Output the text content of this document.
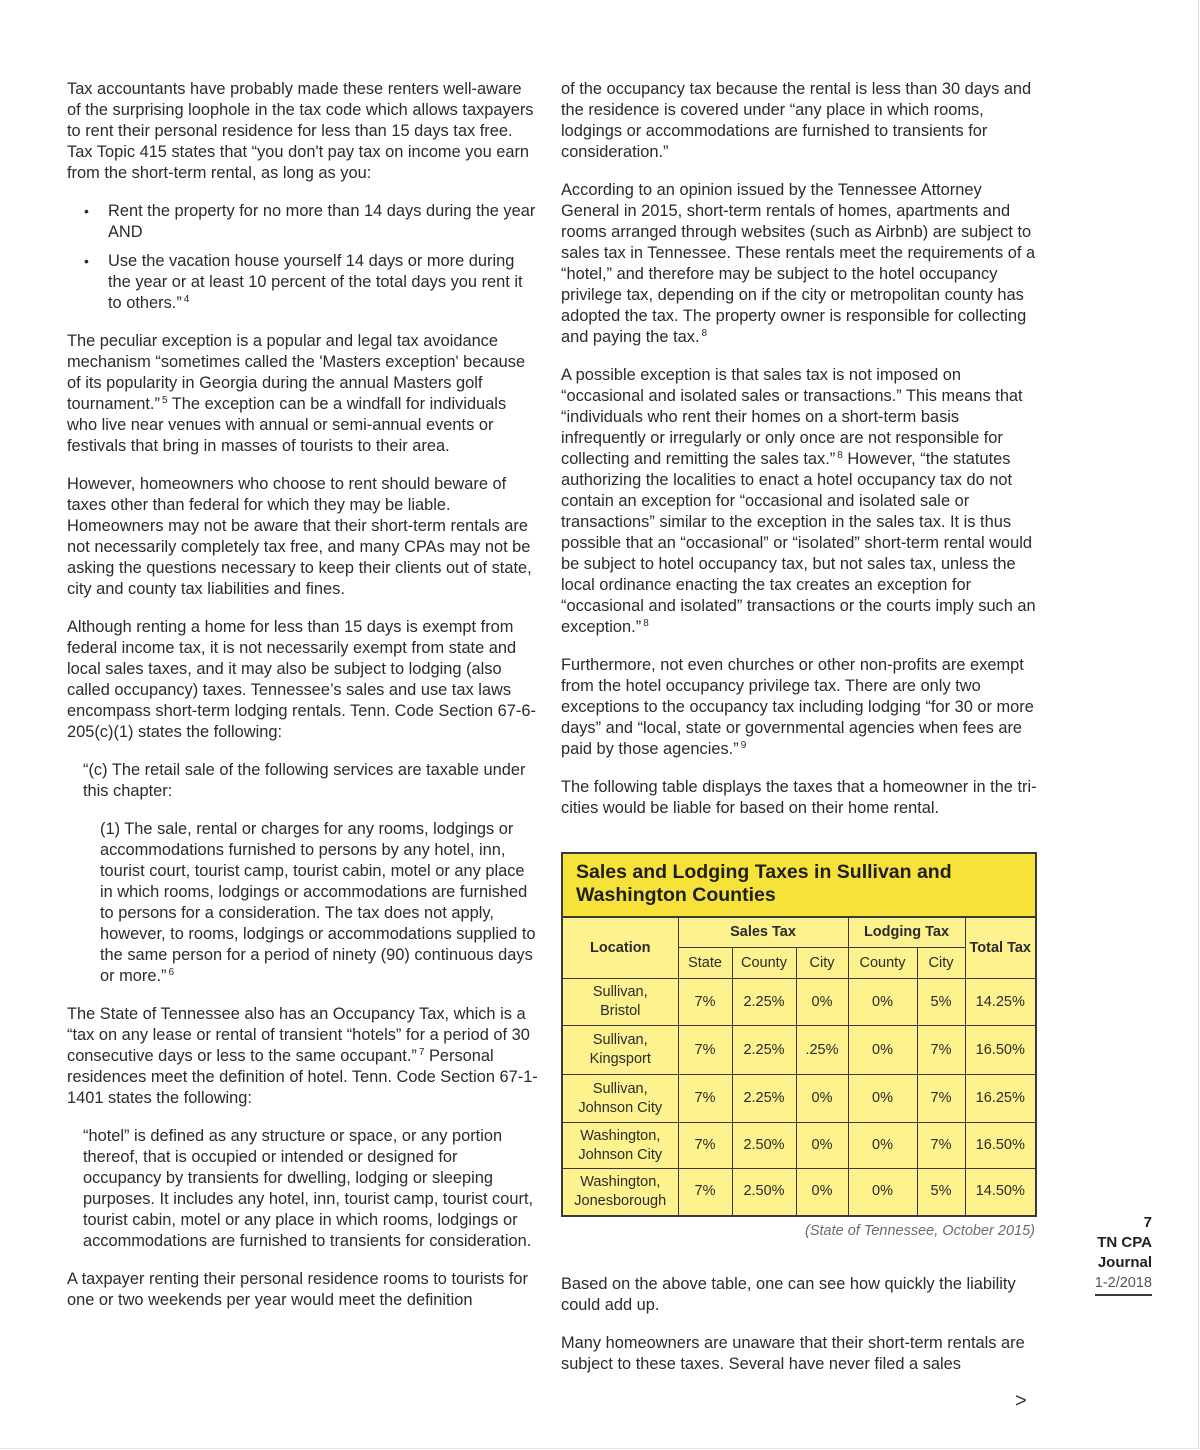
Tax accountants have probably made these renters well-aware of the surprising loophole in the tax code which allows taxpayers to rent their personal residence for less than 15 days tax free. Tax Topic 415 states that “you don't pay tax on income you earn from the short-term rental, as long as you:

• Rent the property for no more than 14 days during the year AND
• Use the vacation house yourself 14 days or more during the year or at least 10 percent of the total days you rent it to others.” $^4$

The peculiar exception is a popular and legal tax avoidance mechanism “sometimes called the 'Masters exception' because of its popularity in Georgia during the annual Masters golf tournament.” $^5$ The exception can be a windfall for individuals who live near venues with annual or semi-annual events or festivals that bring in masses of tourists to their area.

However, homeowners who choose to rent should beware of taxes other than federal for which they may be liable. Homeowners may not be aware that their short-term rentals are not necessarily completely tax free, and many CPAs may not be asking the questions necessary to keep their clients out of state, city and county tax liabilities and fines.

Although renting a home for less than 15 days is exempt from federal income tax, it is not necessarily exempt from state and local sales taxes, and it may also be subject to lodging (also called occupancy) taxes. Tennessee’s sales and use tax laws encompass short-term lodging rentals. Tenn. Code Section 67-6-205(c)(1) states the following:

“(c) The retail sale of the following services are taxable under this chapter:

(1) The sale, rental or charges for any rooms, lodgings or accommodations furnished to persons by any hotel, inn, tourist court, tourist camp, tourist cabin, motel or any place in which rooms, lodgings or accommodations are furnished to persons for a consideration. The tax does not apply, however, to rooms, lodgings or accommodations supplied to the same person for a period of ninety (90) continuous days or more.” $^6$

The State of Tennessee also has an Occupancy Tax, which is a “tax on any lease or rental of transient “hotels” for a period of 30 consecutive days or less to the same occupant.” $^7$ Personal residences meet the definition of hotel. Tenn. Code Section 67-1-1401 states the following:

“hotel” is defined as any structure or space, or any portion thereof, that is occupied or intended or designed for occupancy by transients for dwelling, lodging or sleeping purposes. It includes any hotel, inn, tourist camp, tourist court, tourist cabin, motel or any place in which rooms, lodgings or accommodations are furnished to transients for consideration.

A taxpayer renting their personal residence rooms to tourists for one or two weekends per year would meet the definition

of the occupancy tax because the rental is less than 30 days and the residence is covered under “any place in which rooms, lodgings or accommodations are furnished to transients for consideration.”

According to an opinion issued by the Tennessee Attorney General in 2015, short-term rentals of homes, apartments and rooms arranged through websites (such as Airbnb) are subject to sales tax in Tennessee. These rentals meet the requirements of a “hotel,” and therefore may be subject to the hotel occupancy privilege tax, depending on if the city or metropolitan county has adopted the tax. The property owner is responsible for collecting and paying the tax. $^8$

A possible exception is that sales tax is not imposed on “occasional and isolated sales or transactions.” This means that “individuals who rent their homes on a short-term basis infrequently or irregularly or only once are not responsible for collecting and remitting the sales tax.” $^8$ However, “the statutes authorizing the localities to enact a hotel occupancy tax do not contain an exception for “occasional and isolated sale or transactions” similar to the exception in the sales tax. It is thus possible that an “occasional” or “isolated” short-term rental would be subject to hotel occupancy tax, but not sales tax, unless the local ordinance enacting the tax creates an exception for “occasional and isolated” transactions or the courts imply such an exception.” $^8$

Furthermore, not even churches or other non-profits are exempt from the hotel occupancy privilege tax. There are only two exceptions to the occupancy tax including lodging “for 30 or more days” and “local, state or governmental agencies when fees are paid by those agencies.” $^9$

The following table displays the taxes that a homeowner in the tri-cities would be liable for based on their home rental.

Sales and Lodging Taxes in Sullivan and Washington Counties
Location	Sales Tax			Lodging Tax		Total Tax
	State	County	City	County	City	
Sullivan,
Bristol	7%	2.25%	0%	0%	5%	14.25%
Sullivan,
Kingsport	7%	2.25%	.25%	0%	7%	16.50%
Sullivan,
Johnson City	7%	2.25%	0%	0%	7%	16.25%
Washington,
Johnson City	7%	2.50%	0%	0%	7%	16.50%
Washington,
Jonesborough	7%	2.50%	0%	0%	5%	14.50%
(State of Tennessee, October 2015)

Based on the above table, one can see how quickly the liability could add up.

Many homeowners are unaware that their short-term rentals are subject to these taxes. Several have never filed a sales

7
TN CPA
Journal
1-2/2018
>
